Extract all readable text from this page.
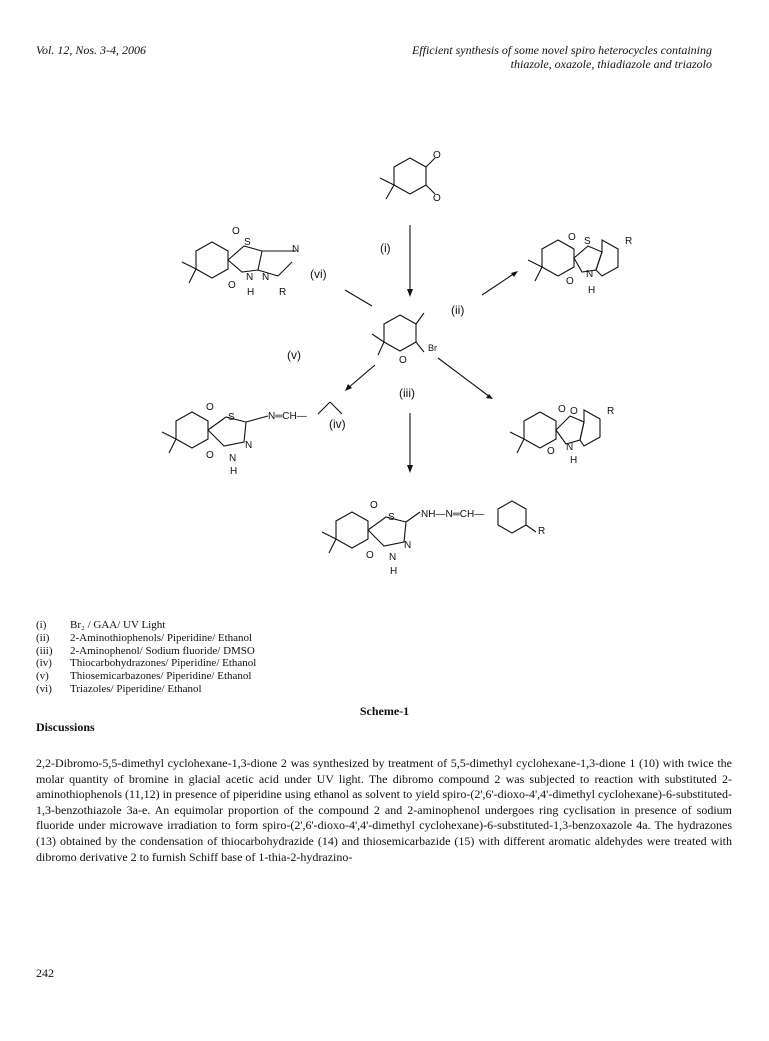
Vol. 12, Nos. 3-4, 2006	Efficient synthesis of some novel spiro heterocycles containing
thiazole, oxazole, thiadiazole and triazolo
O
O
(i)
Br
O
O
O
S
N
H
R
(ii)
O
O
S
N
N N
H R
(vi)
(v)
O
O
S	N═CH—
N
N
H
(iv)
(iii)
O
O
O
N
H
R
O
O
S	NH—N═CH—
N
N
H
R
(i)	Br₂ / GAA/ UV Light
(ii)	2-Aminothiophenols/ Piperidine/ Ethanol
(iii)	2-Aminophenol/ Sodium fluoride/ DMSO
(iv)	Thiocarbohydrazones/ Piperidine/ Ethanol
(v)	Thiosemicarbazones/ Piperidine/ Ethanol
(vi)	Triazoles/ Piperidine/ Ethanol
Scheme-1
Discussions

2,2-Dibromo-5,5-dimethyl cyclohexane-1,3-dione 2 was synthesized by treatment of 5,5-dimethyl cyclohexane-1,3-dione 1 (10) with twice the molar quantity of bromine in glacial acetic acid under UV light. The dibromo compound 2 was subjected to reaction with substituted 2-aminothiophenols (11,12) in presence of piperidine using ethanol as solvent to yield spiro-(2',6'-dioxo-4',4'-dimethyl cyclohexane)-6-substituted-1,3-benzothiazole 3a-e. An equimolar proportion of the compound 2 and 2-aminophenol undergoes ring cyclisation in presence of sodium fluoride under microwave irradiation to form spiro-(2',6'-dioxo-4',4'-dimethyl cyclohexane)-6-substituted-1,3-benzoxazole 4a. The hydrazones (13) obtained by the condensation of thiocarbohydrazide (14) and thiosemicarbazide (15) with different aromatic aldehydes were treated with dibromo derivative 2 to furnish Schiff base of 1-thia-2-hydrazino-

242
